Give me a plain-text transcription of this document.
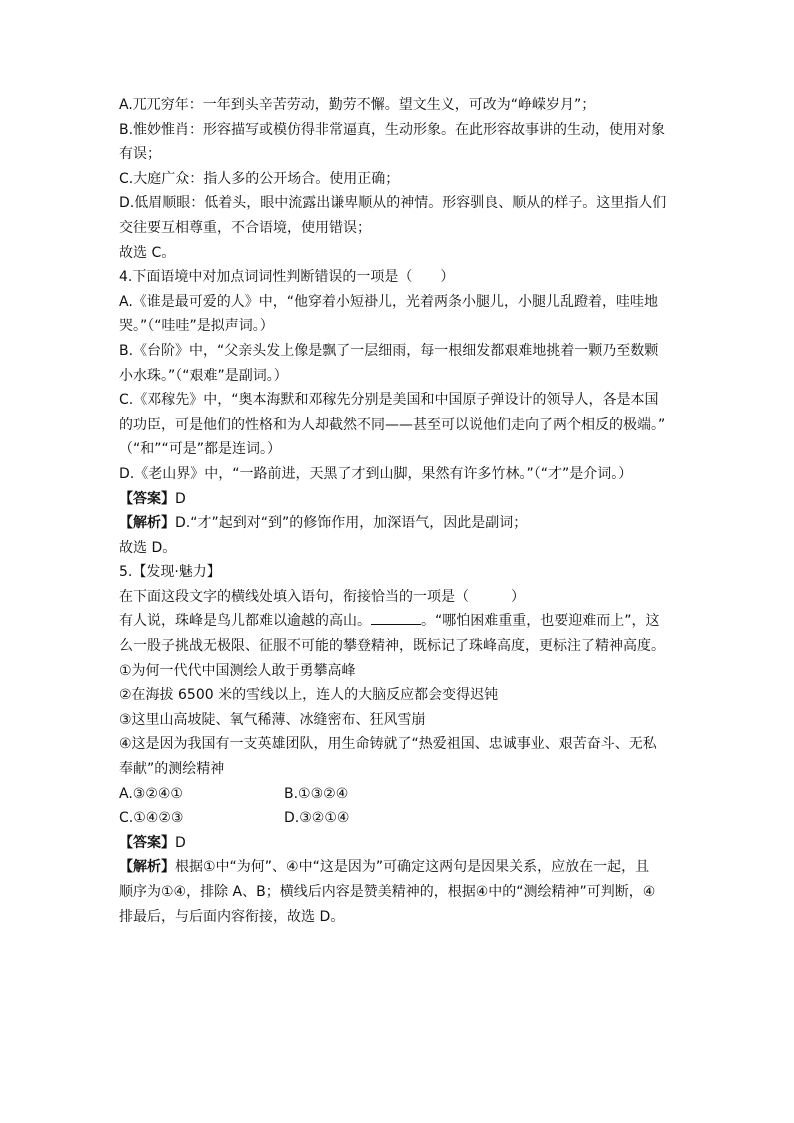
A.兀兀穷年：一年到头辛苦劳动，勤劳不懈。望文生义，可改为“峥嵘岁月”；
B.惟妙惟肖：形容描写或模仿得非常逼真，生动形象。在此形容故事讲的生动，使用对象
有误；
C.大庭广众：指人多的公开场合。使用正确；
D.低眉顺眼：低着头，眼中流露出谦卑顺从的神情。形容驯良、顺从的样子。这里指人们
交往要互相尊重，不合语境，使用错误；
故选 C。
4.下面语境中对加点词词性判断错误的一项是（　　）
A.《谁是最可爱的人》中，“他穿着小短褂儿，光着两条小腿儿，小腿儿乱蹬着，哇哇地
哭。”（“哇哇”是拟声词。）
B.《台阶》中，“父亲头发上像是飘了一层细雨，每一根细发都艰难地挑着一颗乃至数颗
小水珠。”（“艰难”是副词。）
C.《邓稼先》中，“奥本海默和邓稼先分别是美国和中国原子弹设计的领导人，各是本国
的功臣，可是他们的性格和为人却截然不同——甚至可以说他们走向了两个相反的极端。”
（“和”“可是”都是连词。）
D.《老山界》中，“一路前进，天黑了才到山脚，果然有许多竹林。”（“才”是介词。）
【答案】D
【解析】D.“才”起到对“到”的修饰作用，加深语气，因此是副词；
故选 D。
5.【发现·魅力】
在下面这段文字的横线处填入语句，衔接恰当的一项是（　　　）
有人说，珠峰是鸟儿都难以逾越的高山。	。“哪怕困难重重，也要迎难而上”，这
么一股子挑战无极限、征服不可能的攀登精神，既标记了珠峰高度，更标注了精神高度。
①为何一代代中国测绘人敢于勇攀高峰
②在海拔 6500 米的雪线以上，连人的大脑反应都会变得迟钝
③这里山高坡陡、氧气稀薄、冰缝密布、狂风雪崩
④这是因为我国有一支英雄团队，用生命铸就了“热爱祖国、忠诚事业、艰苦奋斗、无私
奉献”的测绘精神
A.③②④①	B.①③②④
C.①④②③	D.③②①④
【答案】D
【解析】根据①中“为何”、④中“这是因为”可确定这两句是因果关系，应放在一起，且
顺序为①④，排除 A、B；横线后内容是赞美精神的，根据④中的“测绘精神”可判断，④
排最后，与后面内容衔接，故选 D。
